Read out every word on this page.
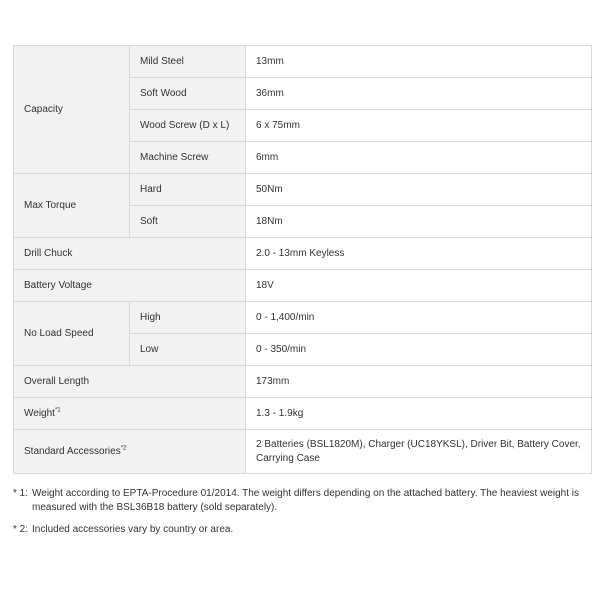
Capacity	Mild Steel	13mm
	Soft Wood	36mm
	Wood Screw (D x L)	6 x 75mm
	Machine Screw	6mm
Max Torque	Hard	50Nm
	Soft	18Nm
Drill Chuck		2.0 - 13mm Keyless
Battery Voltage		18V
No Load Speed	High	0 - 1,400/min
	Low	0 - 350/min
Overall Length		173mm
Weight$^{*1}$		1.3 - 1.9kg
Standard Accessories$^{*2}$		2 Batteries (BSL1820M), Charger (UC18YKSL), Driver Bit, Battery Cover, Carrying Case
* 1: Weight according to EPTA-Procedure 01/2014. The weight differs depending on the attached battery. The heaviest weight is measured with the BSL36B18 battery (sold separately).
* 2: Included accessories vary by country or area.
